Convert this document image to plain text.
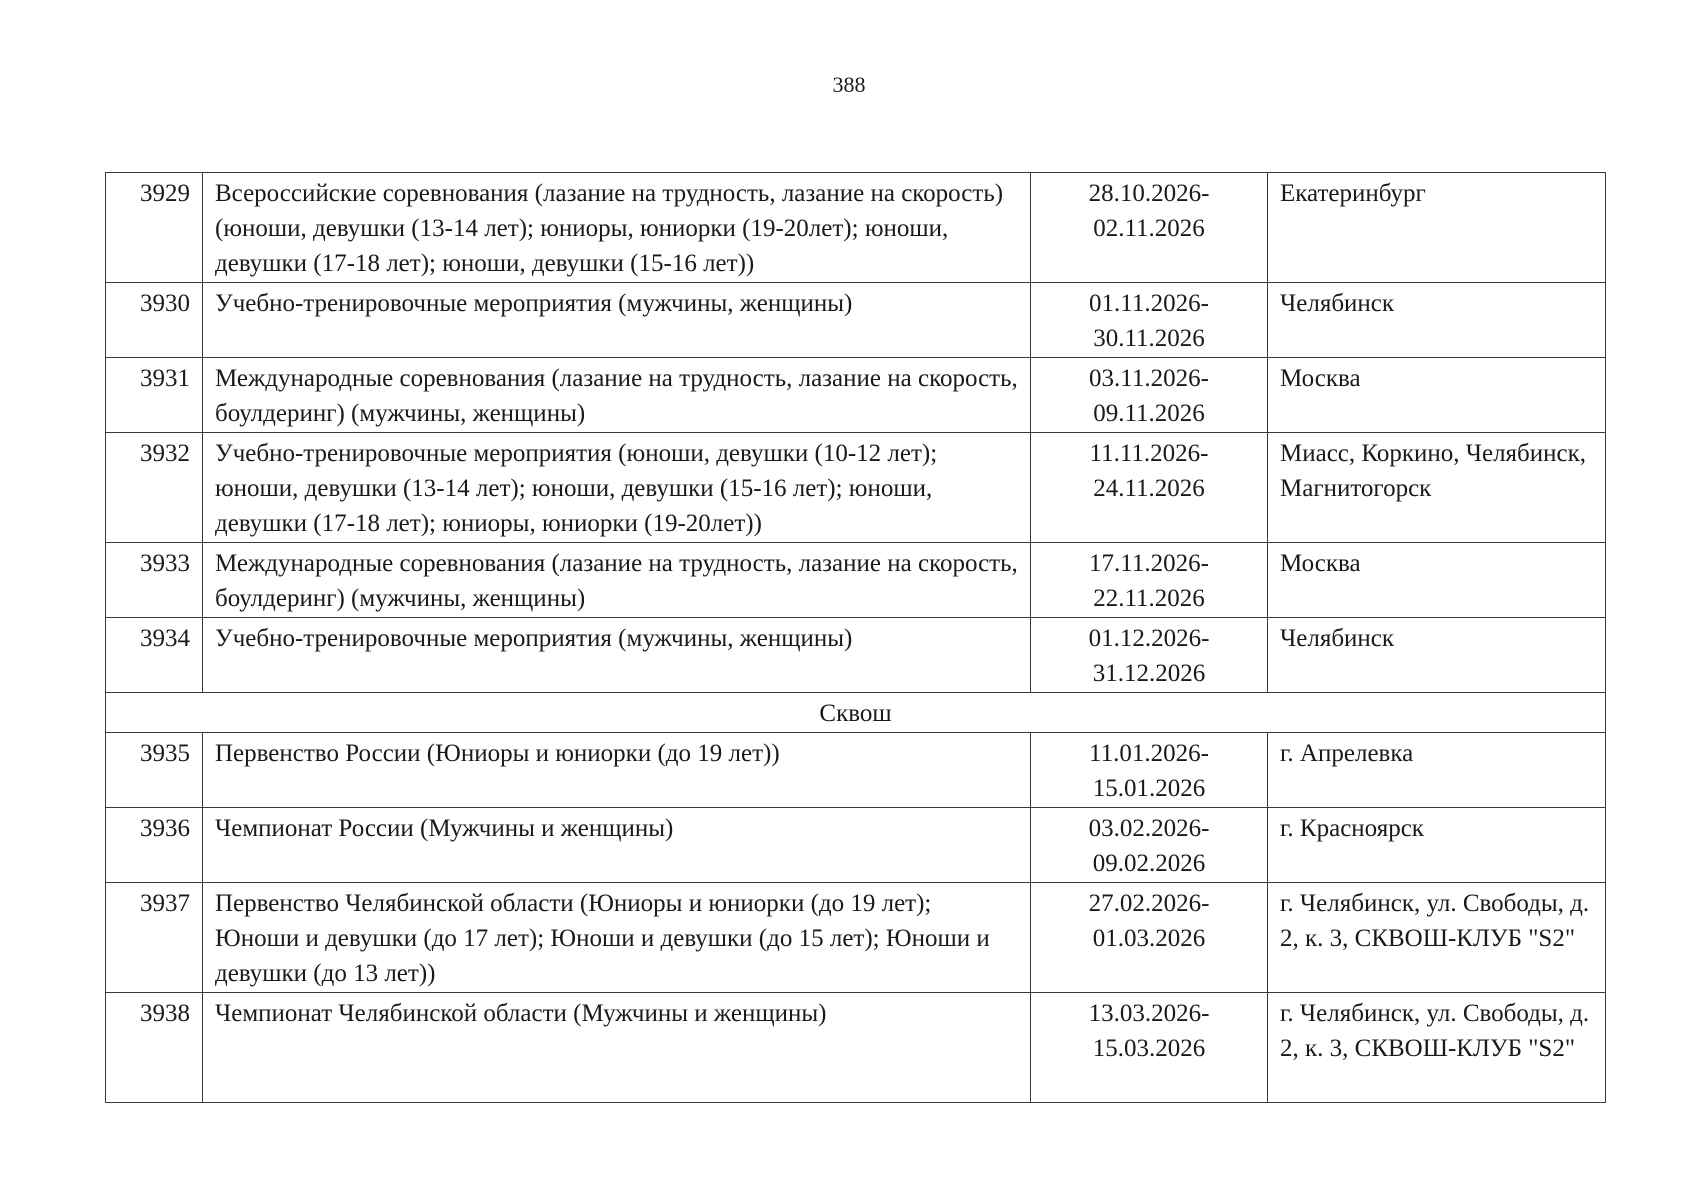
388
3929	Всероссийские соревнования (лазание на трудность, лазание на скорость) (юноши, девушки (13-14 лет); юниоры, юниорки (19-20лет); юноши, девушки (17-18 лет); юноши, девушки (15-16 лет))	28.10.2026-02.11.2026	Екатеринбург
3930	Учебно-тренировочные мероприятия (мужчины, женщины)	01.11.2026-30.11.2026	Челябинск
3931	Международные соревнования (лазание на трудность, лазание на скорость, боулдеринг) (мужчины, женщины)	03.11.2026-09.11.2026	Москва
3932	Учебно-тренировочные мероприятия (юноши, девушки (10-12 лет); юноши, девушки (13-14 лет); юноши, девушки (15-16 лет); юноши, девушки (17-18 лет); юниоры, юниорки (19-20лет))	11.11.2026-24.11.2026	Миасс, Коркино, Челябинск, Магнитогорск
3933	Международные соревнования (лазание на трудность, лазание на скорость, боулдеринг) (мужчины, женщины)	17.11.2026-22.11.2026	Москва
3934	Учебно-тренировочные мероприятия (мужчины, женщины)	01.12.2026-31.12.2026	Челябинск
Сквош			
3935	Первенство России (Юниоры и юниорки (до 19 лет))	11.01.2026-15.01.2026	г. Апрелевка
3936	Чемпионат России (Мужчины и женщины)	03.02.2026-09.02.2026	г. Красноярск
3937	Первенство Челябинской области (Юниоры и юниорки (до 19 лет); Юноши и девушки (до 17 лет); Юноши и девушки (до 15 лет); Юноши и девушки (до 13 лет))	27.02.2026-01.03.2026	г. Челябинск, ул. Свободы, д. 2, к. 3, СКВОШ-КЛУБ "S2"
3938	Чемпионат Челябинской области (Мужчины и женщины)	13.03.2026-15.03.2026	г. Челябинск, ул. Свободы, д. 2, к. 3, СКВОШ-КЛУБ "S2"
